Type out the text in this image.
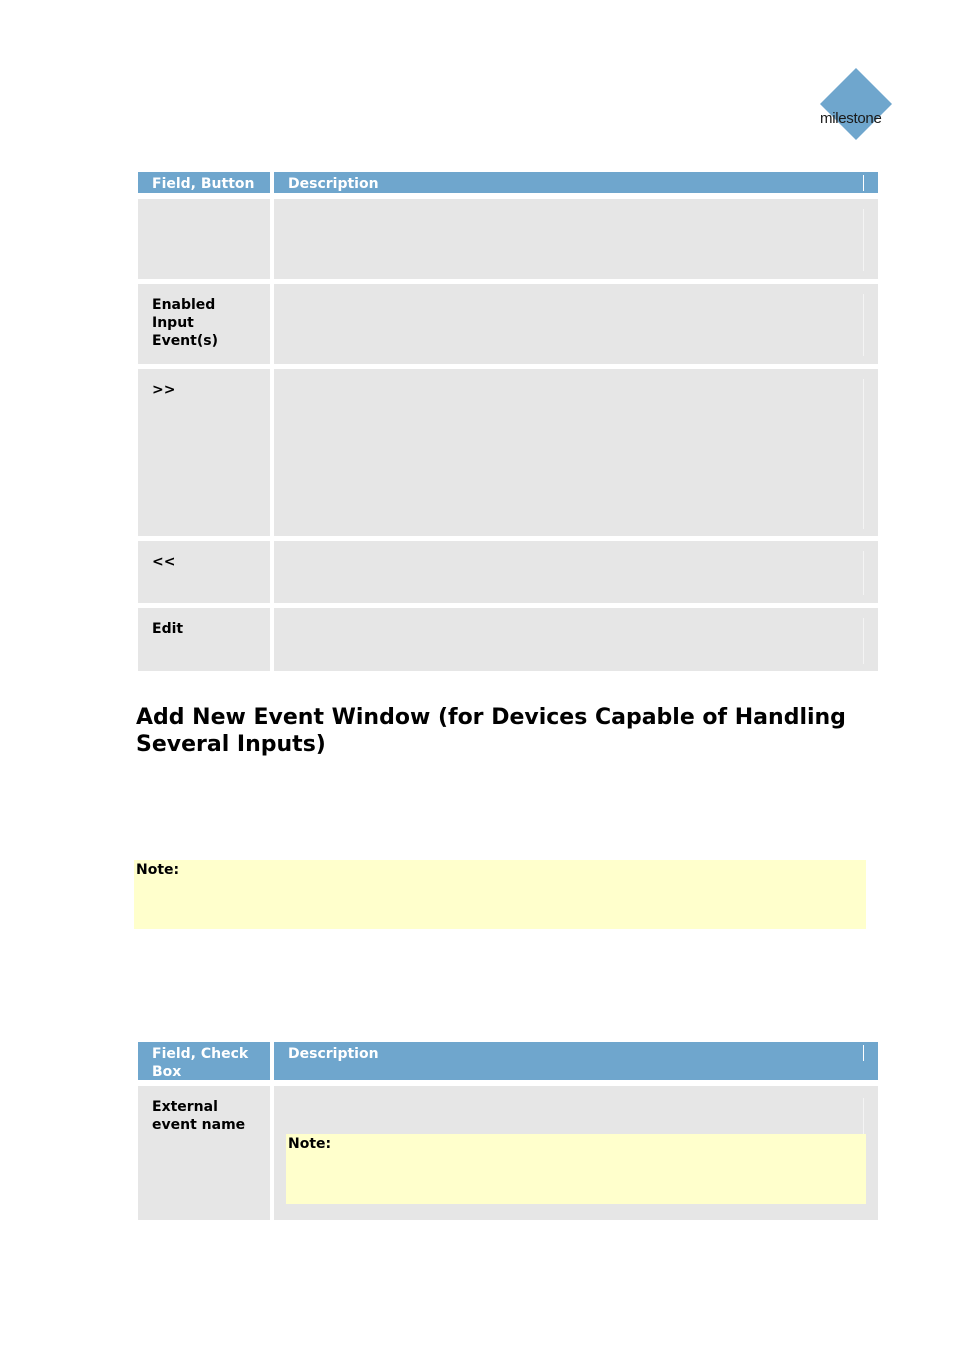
milestone
Field, Button	Description
Enabled Input Event(s)
>>
<<
Edit
Add New Event Window (for Devices Capable of Handling Several Inputs)
Note:
Field, Check Box
Description
External event name
Note:
